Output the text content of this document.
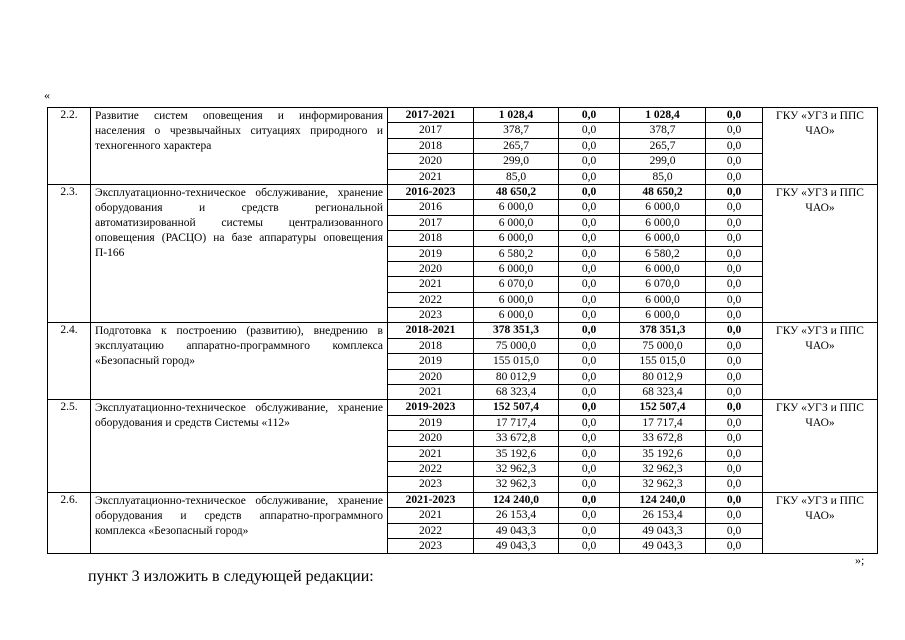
«
2.2.	Развитие систем оповещения и информирования населения о чрезвычайных ситуациях природного и техногенного характера	2017-2021	1 028,4	0,0	1 028,4	0,0	ГКУ «УГЗ и ППС ЧАО»
		2017	378,7	0,0	378,7	0,0	
		2018	265,7	0,0	265,7	0,0	
		2020	299,0	0,0	299,0	0,0	
		2021	85,0	0,0	85,0	0,0	
2.3.	Эксплуатационно-техническое обслуживание, хранение оборудования и средств региональной автоматизированной системы централизованного оповещения (РАСЦО) на базе аппаратуры оповещения П-166	2016-2023	48 650,2	0,0	48 650,2	0,0	ГКУ «УГЗ и ППС ЧАО»
		2016	6 000,0	0,0	6 000,0	0,0	
		2017	6 000,0	0,0	6 000,0	0,0	
		2018	6 000,0	0,0	6 000,0	0,0	
		2019	6 580,2	0,0	6 580,2	0,0	
		2020	6 000,0	0,0	6 000,0	0,0	
		2021	6 070,0	0,0	6 070,0	0,0	
		2022	6 000,0	0,0	6 000,0	0,0	
		2023	6 000,0	0,0	6 000,0	0,0	
2.4.	Подготовка к построению (развитию), внедрению в эксплуатацию аппаратно-программного комплекса «Безопасный город»	2018-2021	378 351,3	0,0	378 351,3	0,0	ГКУ «УГЗ и ППС ЧАО»
		2018	75 000,0	0,0	75 000,0	0,0	
		2019	155 015,0	0,0	155 015,0	0,0	
		2020	80 012,9	0,0	80 012,9	0,0	
		2021	68 323,4	0,0	68 323,4	0,0	
2.5.	Эксплуатационно-техническое обслуживание, хранение оборудования и средств Системы «112»	2019-2023	152 507,4	0,0	152 507,4	0,0	ГКУ «УГЗ и ППС ЧАО»
		2019	17 717,4	0,0	17 717,4	0,0	
		2020	33 672,8	0,0	33 672,8	0,0	
		2021	35 192,6	0,0	35 192,6	0,0	
		2022	32 962,3	0,0	32 962,3	0,0	
		2023	32 962,3	0,0	32 962,3	0,0	
2.6.	Эксплуатационно-техническое обслуживание, хранение оборудования и средств аппаратно-программного комплекса «Безопасный город»	2021-2023	124 240,0	0,0	124 240,0	0,0	ГКУ «УГЗ и ППС ЧАО»
		2021	26 153,4	0,0	26 153,4	0,0	
		2022	49 043,3	0,0	49 043,3	0,0	
		2023	49 043,3	0,0	49 043,3	0,0	
»;
пункт 3 изложить в следующей редакции:
